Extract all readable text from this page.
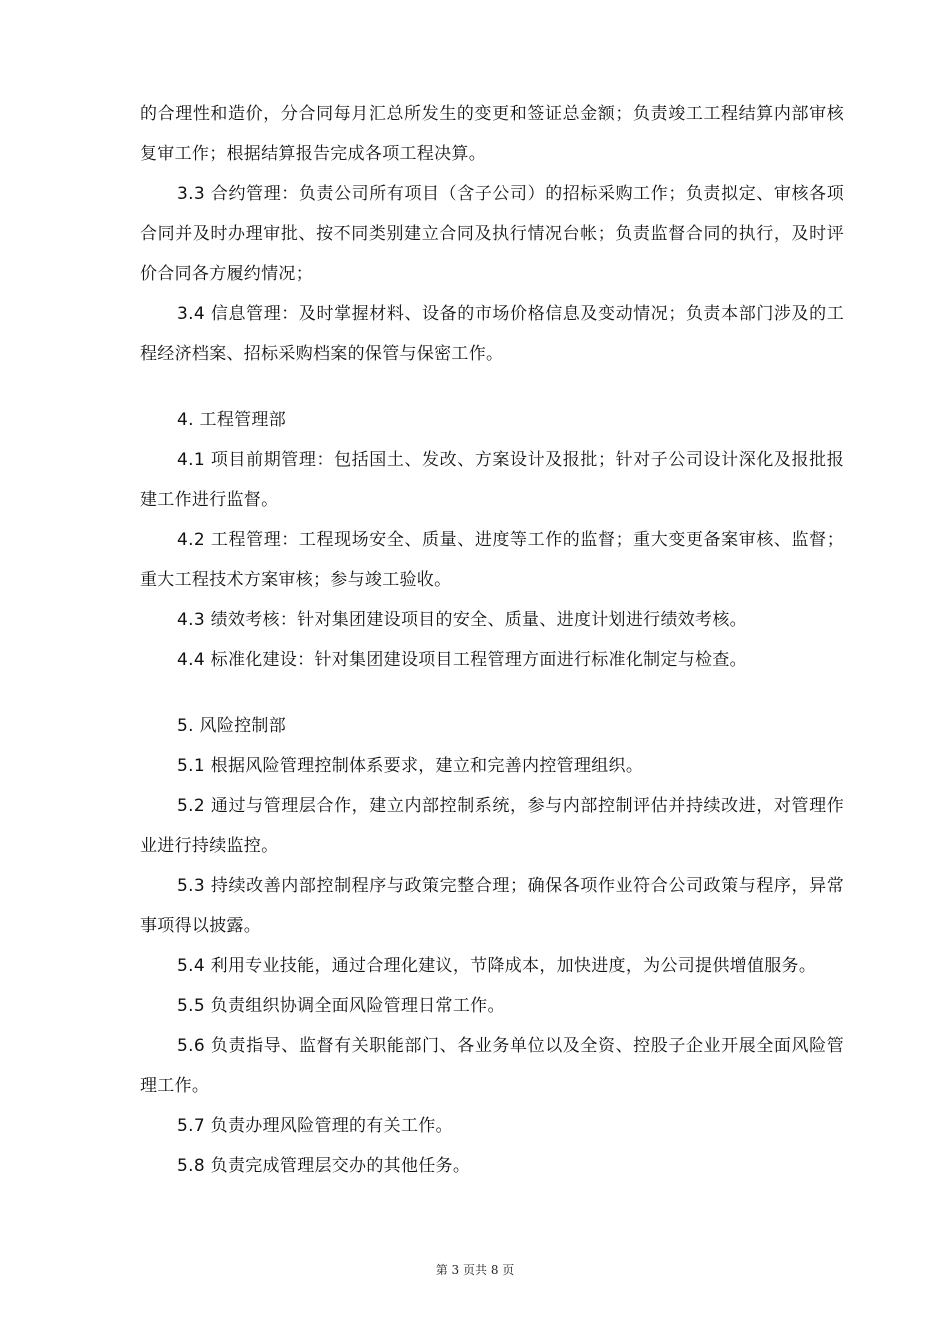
的合理性和造价，分合同每月汇总所发生的变更和签证总金额；负责竣工工程结算内部审核复审工作；根据结算报告完成各项工程决算。

3.3 合约管理：负责公司所有项目（含子公司）的招标采购工作；负责拟定、审核各项合同并及时办理审批、按不同类别建立合同及执行情况台帐；负责监督合同的执行，及时评价合同各方履约情况；

3.4 信息管理：及时掌握材料、设备的市场价格信息及变动情况；负责本部门涉及的工程经济档案、招标采购档案的保管与保密工作。

4. 工程管理部

4.1 项目前期管理：包括国土、发改、方案设计及报批；针对子公司设计深化及报批报建工作进行监督。

4.2 工程管理：工程现场安全、质量、进度等工作的监督；重大变更备案审核、监督；重大工程技术方案审核；参与竣工验收。

4.3 绩效考核：针对集团建设项目的安全、质量、进度计划进行绩效考核。

4.4 标准化建设：针对集团建设项目工程管理方面进行标准化制定与检查。

5. 风险控制部

5.1 根据风险管理控制体系要求，建立和完善内控管理组织。

5.2 通过与管理层合作，建立内部控制系统，参与内部控制评估并持续改进，对管理作业进行持续监控。

5.3 持续改善内部控制程序与政策完整合理；确保各项作业符合公司政策与程序，异常事项得以披露。

5.4 利用专业技能，通过合理化建议，节降成本，加快进度，为公司提供增值服务。

5.5 负责组织协调全面风险管理日常工作。

5.6 负责指导、监督有关职能部门、各业务单位以及全资、控股子企业开展全面风险管理工作。

5.7 负责办理风险管理的有关工作。

5.8 负责完成管理层交办的其他任务。

第 3 页共 8 页
